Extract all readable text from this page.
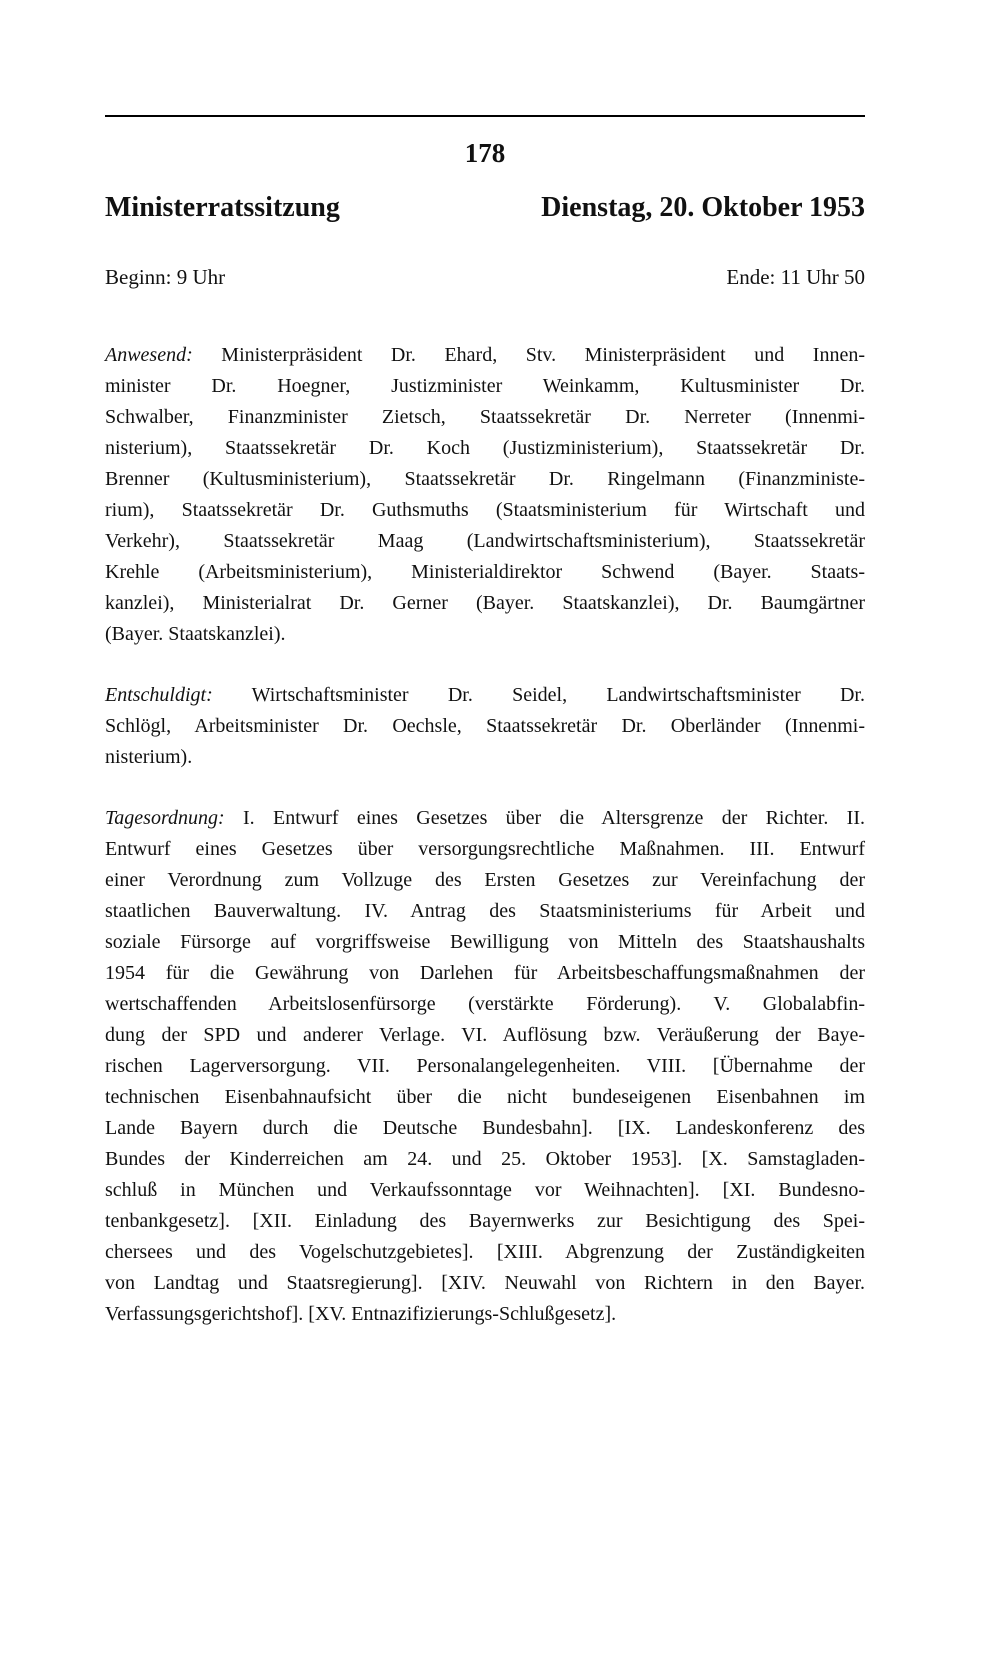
178
Ministerratssitzung	Dienstag, 20. Oktober 1953
Beginn: 9 Uhr	Ende: 11 Uhr 50
Anwesend: Ministerpräsident Dr. Ehard, Stv. Ministerpräsident und Innen-
minister Dr. Hoegner, Justizminister Weinkamm, Kultusminister Dr.
Schwalber, Finanzminister Zietsch, Staatssekretär Dr. Nerreter (Innenmi-
nisterium), Staatssekretär Dr. Koch (Justizministerium), Staatssekretär Dr.
Brenner (Kultusministerium), Staatssekretär Dr. Ringelmann (Finanzministe-
rium), Staatssekretär Dr. Guthsmuths (Staatsministerium für Wirtschaft und
Verkehr), Staatssekretär Maag (Landwirtschaftsministerium), Staatssekretär
Krehle (Arbeitsministerium), Ministerialdirektor Schwend (Bayer. Staats-
kanzlei), Ministerialrat Dr. Gerner (Bayer. Staatskanzlei), Dr. Baumgärtner
(Bayer. Staatskanzlei).
Entschuldigt: Wirtschaftsminister Dr. Seidel, Landwirtschaftsminister Dr.
Schlögl, Arbeitsminister Dr. Oechsle, Staatssekretär Dr. Oberländer (Innenmi-
nisterium).
Tagesordnung: I. Entwurf eines Gesetzes über die Altersgrenze der Richter. II.
Entwurf eines Gesetzes über versorgungsrechtliche Maßnahmen. III. Entwurf
einer Verordnung zum Vollzuge des Ersten Gesetzes zur Vereinfachung der
staatlichen Bauverwaltung. IV. Antrag des Staatsministeriums für Arbeit und
soziale Fürsorge auf vorgriffsweise Bewilligung von Mitteln des Staatshaushalts
1954 für die Gewährung von Darlehen für Arbeitsbeschaffungsmaßnahmen der
wertschaffenden Arbeitslosenfürsorge (verstärkte Förderung). V. Globalabfin-
dung der SPD und anderer Verlage. VI. Auflösung bzw. Veräußerung der Baye-
rischen Lagerversorgung. VII. Personalangelegenheiten. VIII. [Übernahme der
technischen Eisenbahnaufsicht über die nicht bundeseigenen Eisenbahnen im
Lande Bayern durch die Deutsche Bundesbahn]. [IX. Landeskonferenz des
Bundes der Kinderreichen am 24. und 25. Oktober 1953]. [X. Samstagladen-
schluß in München und Verkaufssonntage vor Weihnachten]. [XI. Bundesno-
tenbankgesetz]. [XII. Einladung des Bayernwerks zur Besichtigung des Spei-
chersees und des Vogelschutzgebietes]. [XIII. Abgrenzung der Zuständigkeiten
von Landtag und Staatsregierung]. [XIV. Neuwahl von Richtern in den Bayer.
Verfassungsgerichtshof]. [XV. Entnazifizierungs-Schlußgesetz].
